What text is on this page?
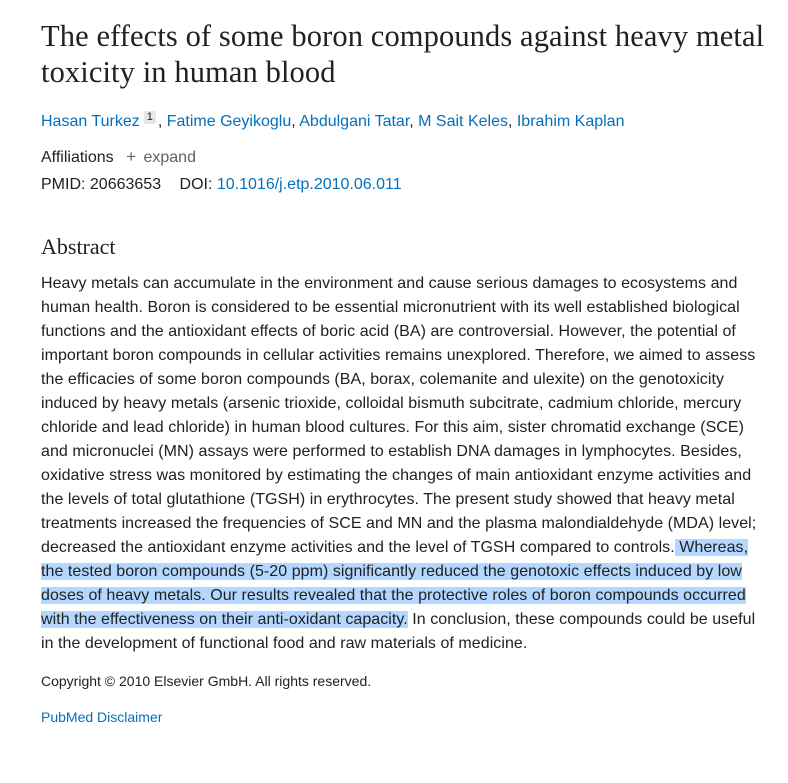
The effects of some boron compounds against heavy metal toxicity in human blood
Hasan Turkez 1 , Fatime Geyikoglu, Abdulgani Tatar, M Sait Keles, Ibrahim Kaplan
Affiliations + expand
PMID: 20663653 DOI: 10.1016/j.etp.2010.06.011
Abstract
Heavy metals can accumulate in the environment and cause serious damages to ecosystems and human health. Boron is considered to be essential micronutrient with its well established biological functions and the antioxidant effects of boric acid (BA) are controversial. However, the potential of important boron compounds in cellular activities remains unexplored. Therefore, we aimed to assess the efficacies of some boron compounds (BA, borax, colemanite and ulexite) on the genotoxicity induced by heavy metals (arsenic trioxide, colloidal bismuth subcitrate, cadmium chloride, mercury chloride and lead chloride) in human blood cultures. For this aim, sister chromatid exchange (SCE) and micronuclei (MN) assays were performed to establish DNA damages in lymphocytes. Besides, oxidative stress was monitored by estimating the changes of main antioxidant enzyme activities and the levels of total glutathione (TGSH) in erythrocytes. The present study showed that heavy metal treatments increased the frequencies of SCE and MN and the plasma malondialdehyde (MDA) level; decreased the antioxidant enzyme activities and the level of TGSH compared to controls. Whereas, the tested boron compounds (5-20 ppm) significantly reduced the genotoxic effects induced by low doses of heavy metals. Our results revealed that the protective roles of boron compounds occurred with the effectiveness on their anti-oxidant capacity. In conclusion, these compounds could be useful in the development of functional food and raw materials of medicine.
Copyright © 2010 Elsevier GmbH. All rights reserved.
PubMed Disclaimer
